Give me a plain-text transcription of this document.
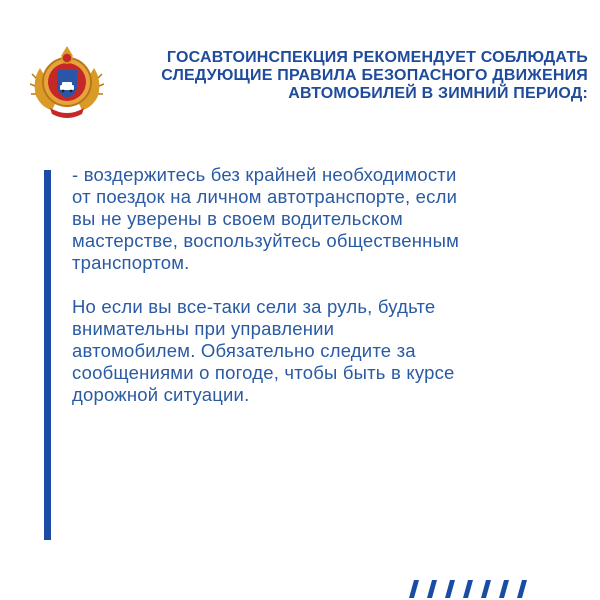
ГОСАВТОИНСПЕКЦИЯ РЕКОМЕНДУЕТ СОБЛЮДАТЬ
СЛЕДУЮЩИЕ ПРАВИЛА БЕЗОПАСНОГО ДВИЖЕНИЯ
АВТОМОБИЛЕЙ В ЗИМНИЙ ПЕРИОД:
- воздержитесь без крайней необходимости
от поездок на личном автотранспорте, если
вы не уверены в своем водительском
мастерстве, воспользуйтесь общественным
транспортом.
Но если вы все-таки сели за руль, будьте
внимательны при управлении
автомобилем. Обязательно следите за
сообщениями о погоде, чтобы быть в курсе
дорожной ситуации.
